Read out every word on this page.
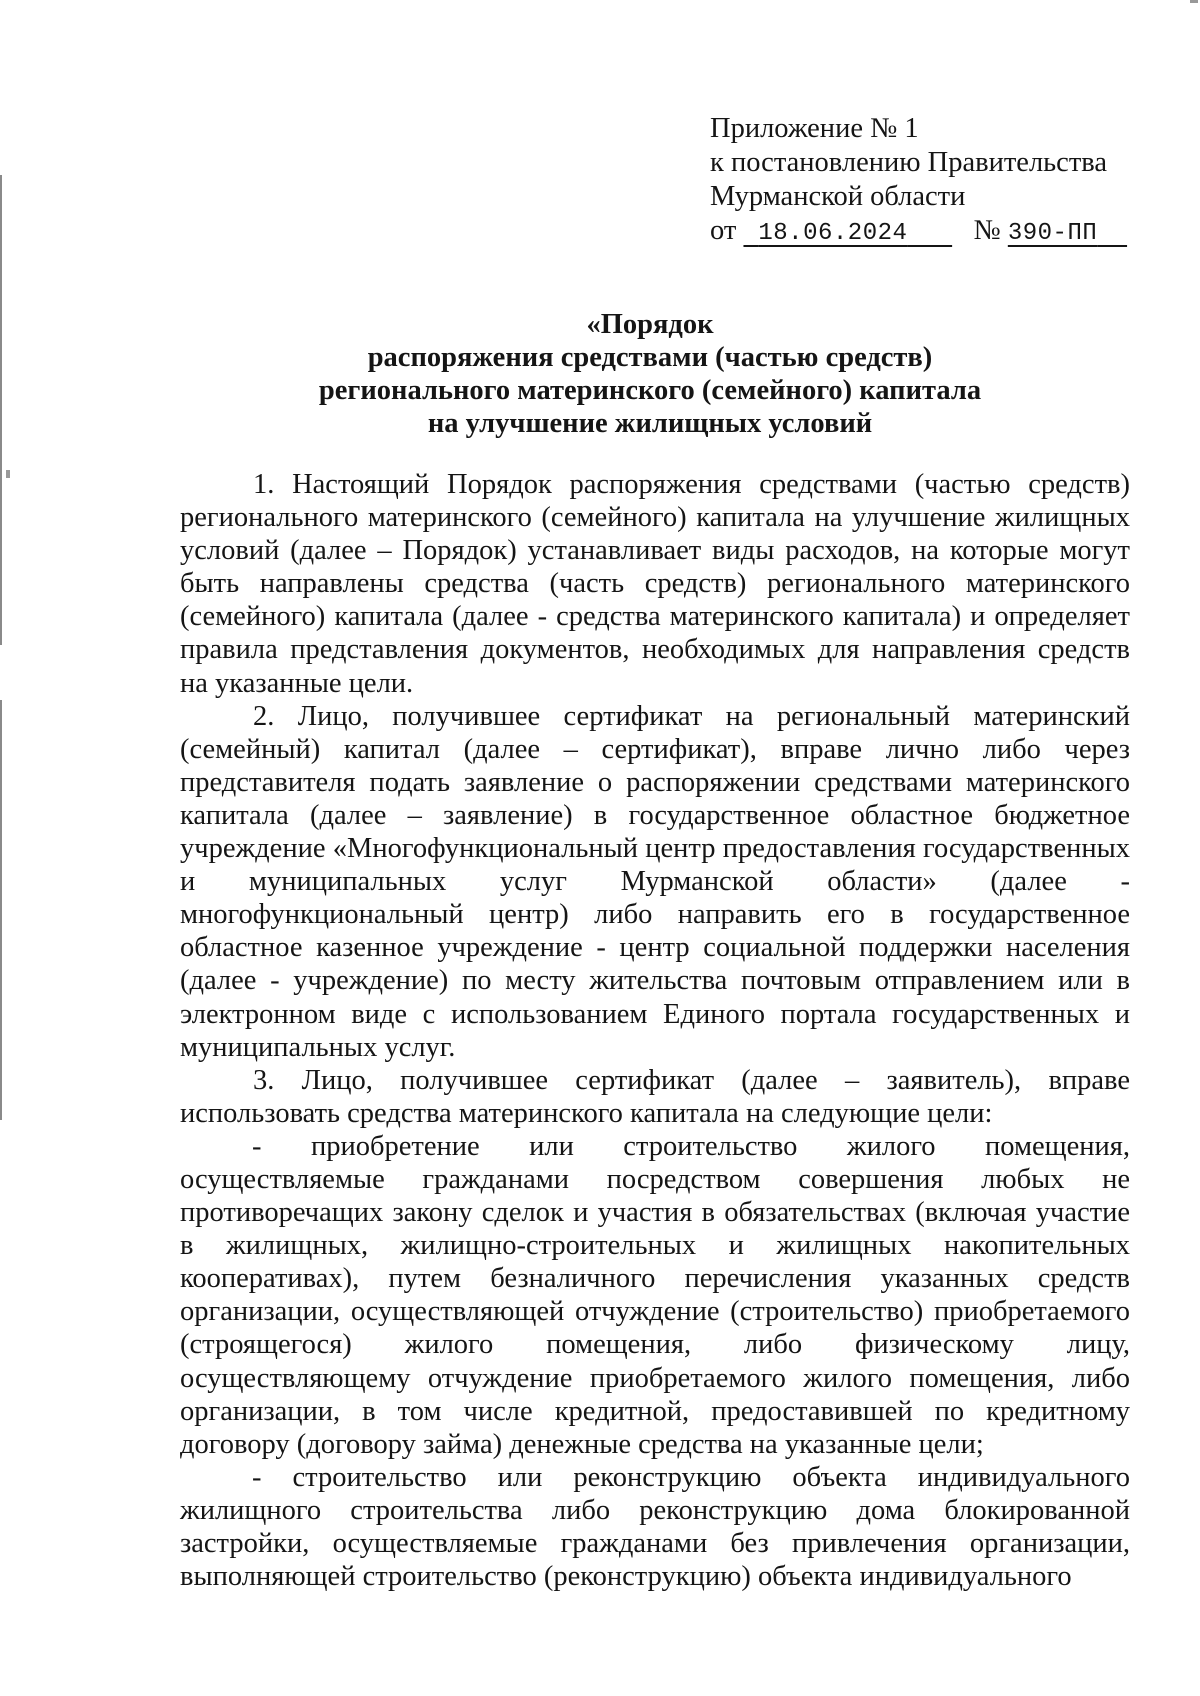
Приложение № 1
к постановлению Правительства
Мурманской области
от 18.06.2024 № 390-ПП
«Порядок
распоряжения средствами (частью средств)
регионального материнского (семейного) капитала
на улучшение жилищных условий

1. Настоящий Порядок распоряжения средствами (частью средств) регионального материнского (семейного) капитала на улучшение жилищных условий (далее – Порядок) устанавливает виды расходов, на которые могут быть направлены средства (часть средств) регионального материнского (семейного) капитала (далее - средства материнского капитала) и определяет правила представления документов, необходимых для направления средств на указанные цели.

2. Лицо, получившее сертификат на региональный материнский (семейный) капитал (далее – сертификат), вправе лично либо через представителя подать заявление о распоряжении средствами материнского капитала (далее – заявление) в государственное областное бюджетное учреждение «Многофункциональный центр предоставления государственных и муниципальных услуг Мурманской области» (далее - многофункциональный центр) либо направить его в государственное областное казенное учреждение - центр социальной поддержки населения (далее - учреждение) по месту жительства почтовым отправлением или в электронном виде с использованием Единого портала государственных и муниципальных услуг.

3. Лицо, получившее сертификат (далее – заявитель), вправе использовать средства материнского капитала на следующие цели:

- приобретение или строительство жилого помещения, осуществляемые гражданами посредством совершения любых не противоречащих закону сделок и участия в обязательствах (включая участие в жилищных, жилищно-строительных и жилищных накопительных кооперативах), путем безналичного перечисления указанных средств организации, осуществляющей отчуждение (строительство) приобретаемого (строящегося) жилого помещения, либо физическому лицу, осуществляющему отчуждение приобретаемого жилого помещения, либо организации, в том числе кредитной, предоставившей по кредитному договору (договору займа) денежные средства на указанные цели;

- строительство или реконструкцию объекта индивидуального жилищного строительства либо реконструкцию дома блокированной застройки, осуществляемые гражданами без привлечения организации, выполняющей строительство (реконструкцию) объекта индивидуального
